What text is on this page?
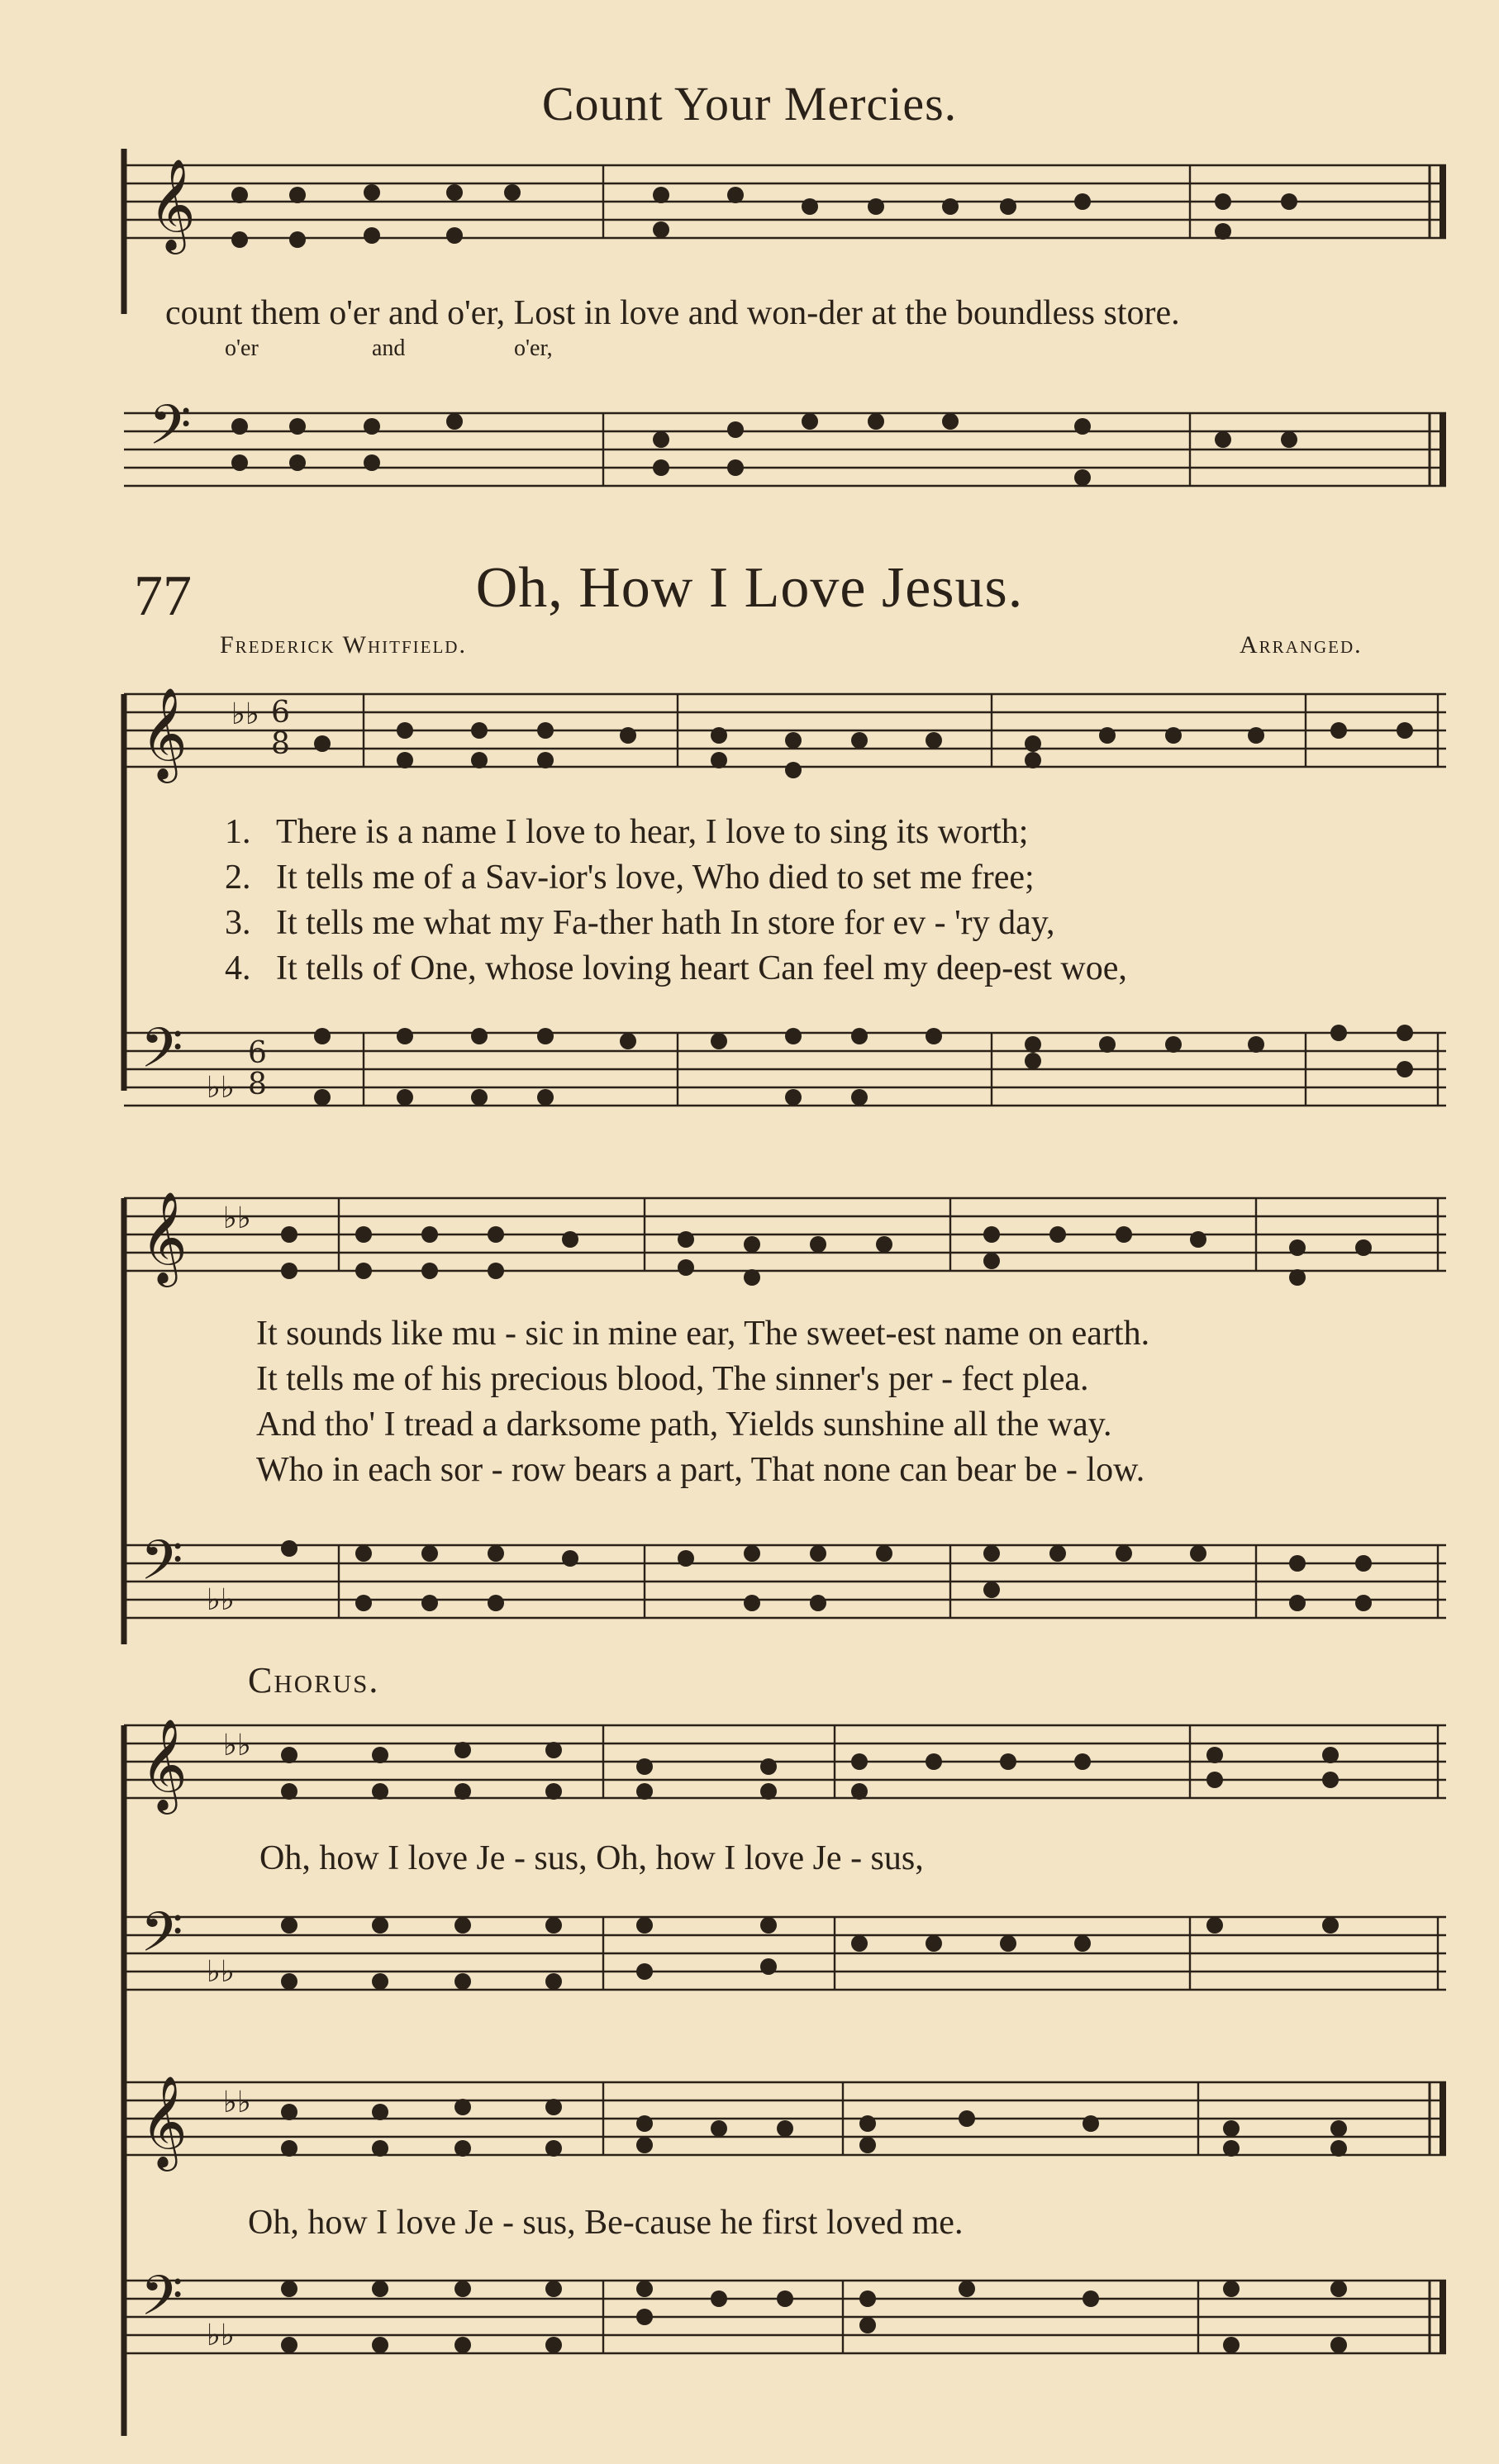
Count Your Mercies.
𝄞
count them o'er and o'er, Lost in love and won-der at the boundless store.
o'er	and	o'er,
𝄢
77	Oh, How I Love Jesus.
Frederick Whitfield.	Arranged.
𝄞 ♭♭ 6
8
1. There is a name I love to hear, I love to sing its worth;
2. It tells me of a Sav-ior's love, Who died to set me free;
3. It tells me what my Fa-ther hath In store for ev - 'ry day,
4. It tells of One, whose loving heart Can feel my deep-est woe,
𝄢 ♭♭
6
8
𝄞 ♭♭
It sounds like mu - sic in mine ear, The sweet-est name on earth.
It tells me of his precious blood, The sinner's per - fect plea.
And tho' I tread a darksome path, Yields sunshine all the way.
Who in each sor - row bears a part, That none can bear be - low.
𝄢 ♭♭
Chorus.
𝄞 ♭♭
Oh, how I love Je - sus, Oh, how I love Je - sus,
𝄢 ♭♭
𝄞 ♭♭
Oh, how I love Je - sus, Be-cause he first loved me.
𝄢 ♭♭
